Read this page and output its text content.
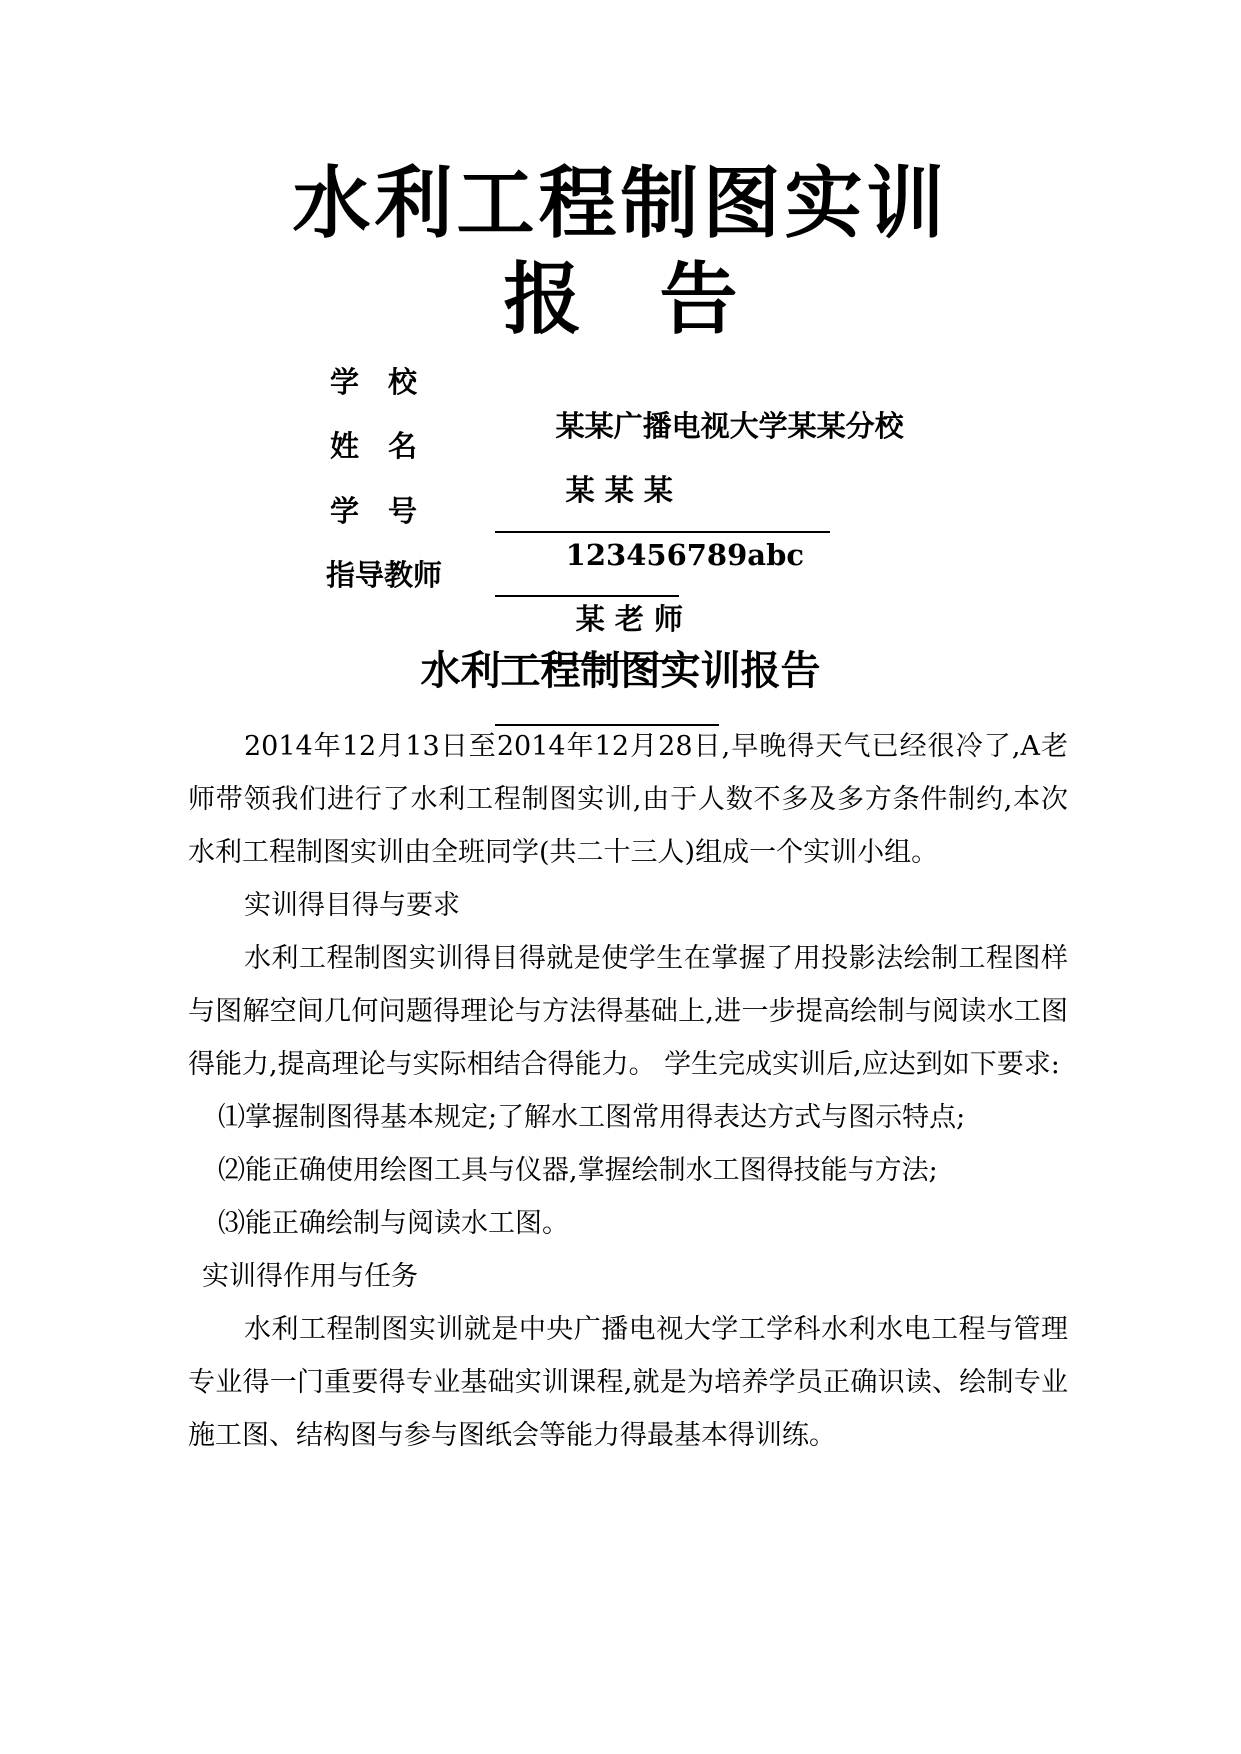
水利工程制图实训
报　告
学　校

某某广播电视大学某某分校

姓　名

某 某 某

学　号

123456789abc

指导教师

某 老 师

水利工程制图实训报告

2014年12月13日至2014年12月28日,早晚得天气已经很冷了,A老师带领我们进行了水利工程制图实训,由于人数不多及多方条件制约,本次水利工程制图实训由全班同学(共二十三人)组成一个实训小组。

实训得目得与要求

水利工程制图实训得目得就是使学生在掌握了用投影法绘制工程图样与图解空间几何问题得理论与方法得基础上,进一步提高绘制与阅读水工图得能力,提高理论与实际相结合得能力。 学生完成实训后,应达到如下要求:

⑴掌握制图得基本规定;了解水工图常用得表达方式与图示特点;

⑵能正确使用绘图工具与仪器,掌握绘制水工图得技能与方法;

⑶能正确绘制与阅读水工图。

实训得作用与任务

水利工程制图实训就是中央广播电视大学工学科水利水电工程与管理专业得一门重要得专业基础实训课程,就是为培养学员正确识读、绘制专业施工图、结构图与参与图纸会等能力得最基本得训练。
